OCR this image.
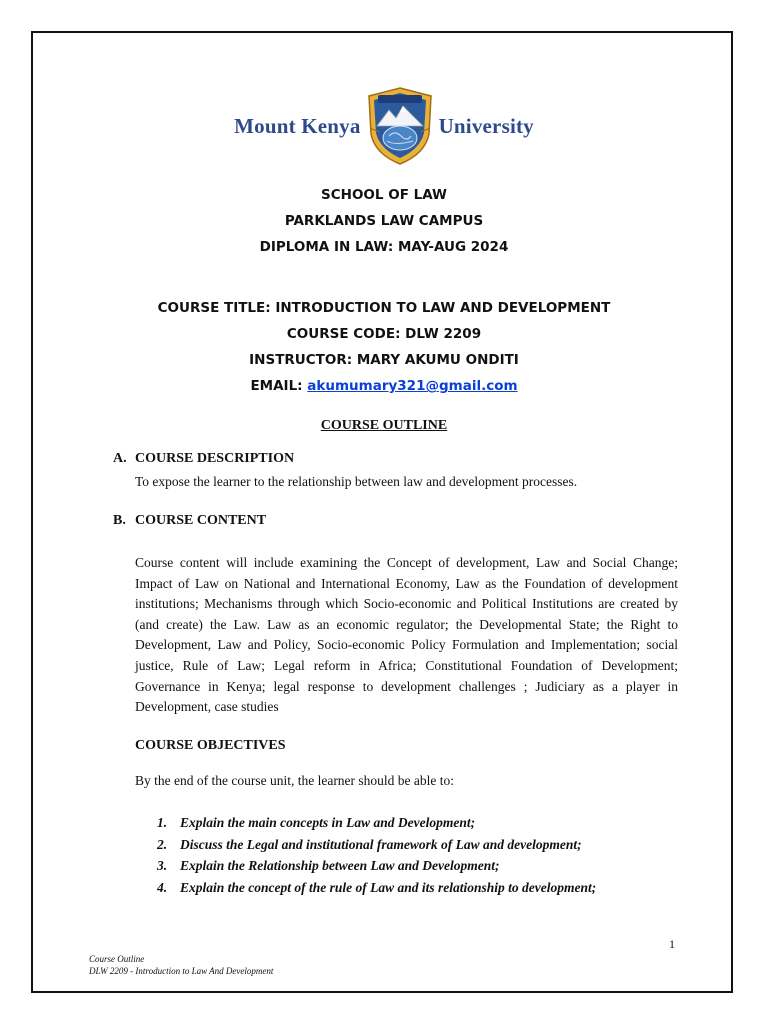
Mount Kenya	University
SCHOOL OF LAW
PARKLANDS LAW CAMPUS
DIPLOMA IN LAW: MAY-AUG 2024
COURSE TITLE: INTRODUCTION TO LAW AND DEVELOPMENT
COURSE CODE: DLW 2209
INSTRUCTOR: MARY AKUMU ONDITI
EMAIL: akumumary321@gmail.com
COURSE OUTLINE
A. COURSE DESCRIPTION
To expose the learner to the relationship between law and development processes.
B. COURSE CONTENT
Course content will include examining the Concept of development, Law and Social Change; Impact of Law on National and International Economy, Law as the Foundation of development institutions; Mechanisms through which Socio-economic and Political Institutions are created by (and create) the Law. Law as an economic regulator; the Developmental State; the Right to Development, Law and Policy, Socio-economic Policy Formulation and Implementation; social justice, Rule of Law; Legal reform in Africa; Constitutional Foundation of Development; Governance in Kenya; legal response to development challenges ; Judiciary as a player in Development, case studies
COURSE OBJECTIVES
By the end of the course unit, the learner should be able to:
1. Explain the main concepts in Law and Development;
2. Discuss the Legal and institutional framework of Law and development;
3. Explain the Relationship between Law and Development;
4. Explain the concept of the rule of Law and its relationship to development;
1
Course Outline
DLW 2209 - Introduction to Law And Development
